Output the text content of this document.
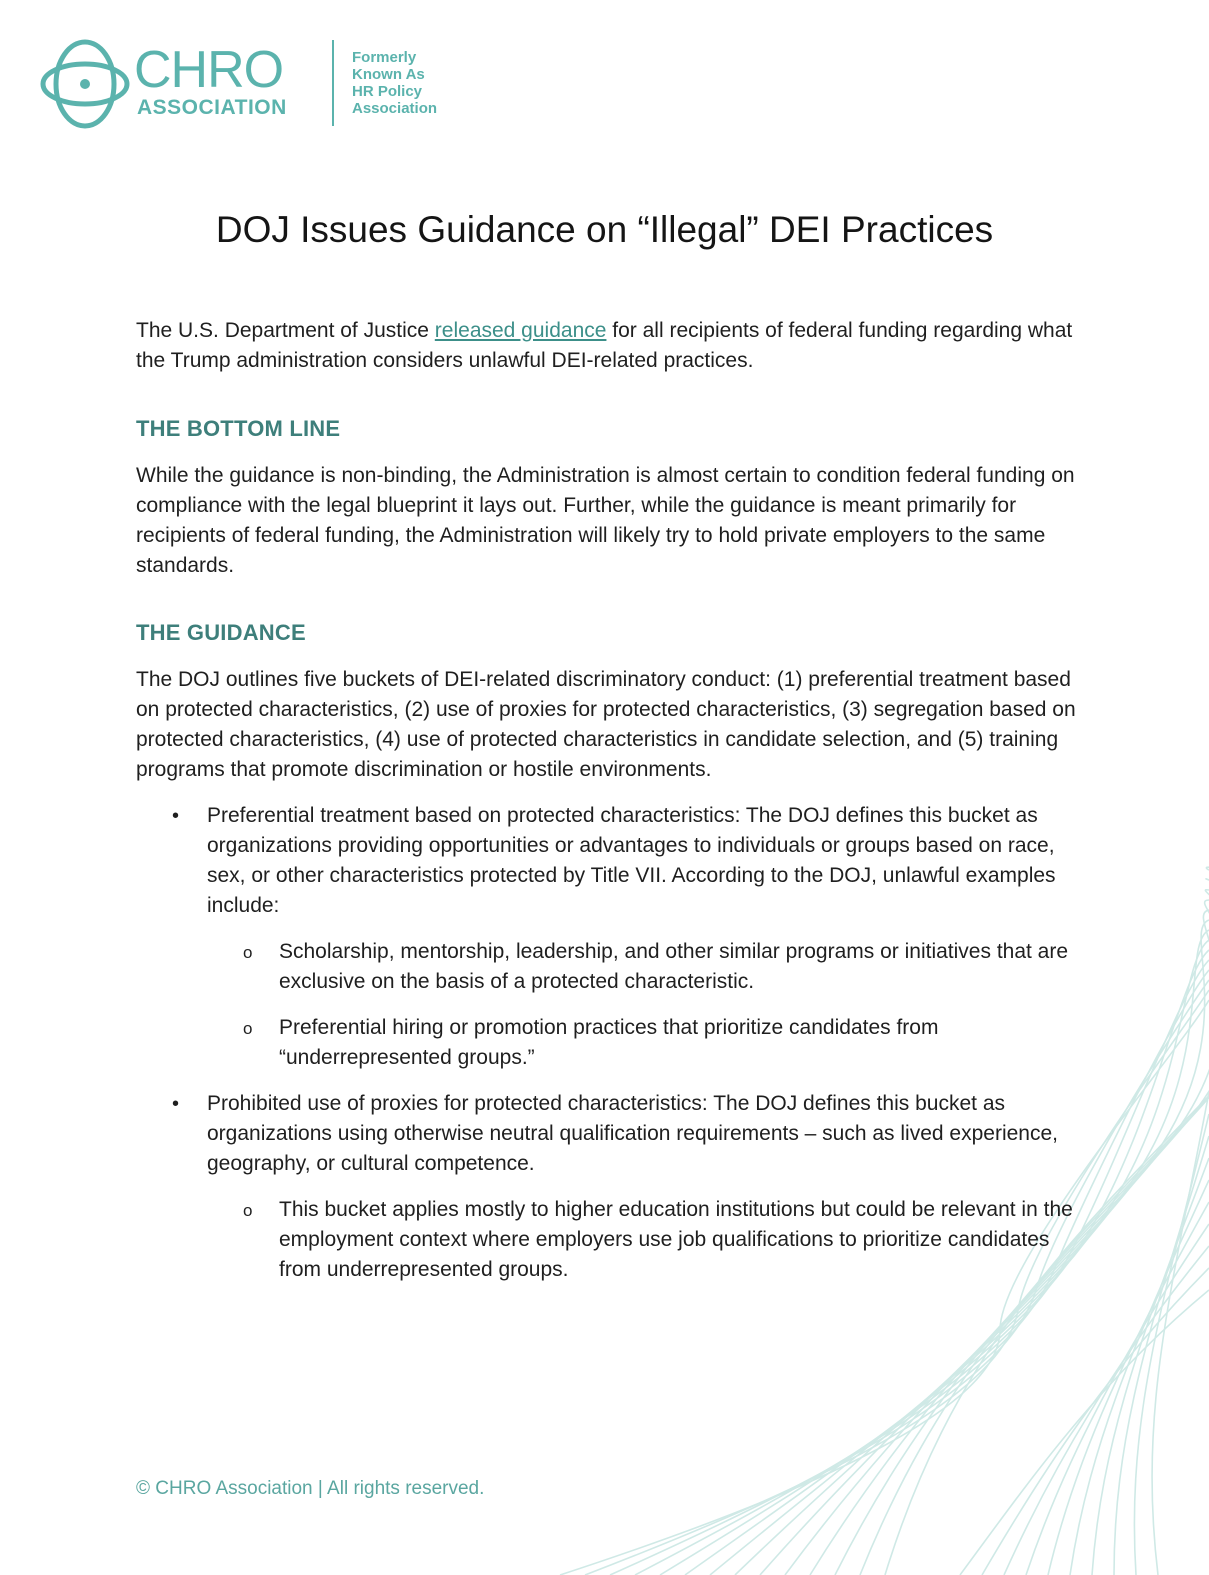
CHRO
ASSOCIATION
Formerly
Known As
HR Policy
Association
DOJ Issues Guidance on “Illegal” DEI Practices

The U.S. Department of Justice released guidance for all recipients of federal funding regarding what the Trump administration considers unlawful DEI-related practices.

THE BOTTOM LINE

While the guidance is non-binding, the Administration is almost certain to condition federal funding on compliance with the legal blueprint it lays out. Further, while the guidance is meant primarily for recipients of federal funding, the Administration will likely try to hold private employers to the same standards.

THE GUIDANCE

The DOJ outlines five buckets of DEI-related discriminatory conduct: (1) preferential treatment based on protected characteristics, (2) use of proxies for protected characteristics, (3) segregation based on protected characteristics, (4) use of protected characteristics in candidate selection, and (5) training programs that promote discrimination or hostile environments.

• Preferential treatment based on protected characteristics: The DOJ defines this bucket as organizations providing opportunities or advantages to individuals or groups based on race, sex, or other characteristics protected by Title VII. According to the DOJ, unlawful examples include:
o Scholarship, mentorship, leadership, and other similar programs or initiatives that are exclusive on the basis of a protected characteristic.
o Preferential hiring or promotion practices that prioritize candidates from “underrepresented groups.”
• Prohibited use of proxies for protected characteristics: The DOJ defines this bucket as organizations using otherwise neutral qualification requirements – such as lived experience, geography, or cultural competence.
o This bucket applies mostly to higher education institutions but could be relevant in the employment context where employers use job qualifications to prioritize candidates from underrepresented groups.
© CHRO Association | All rights reserved.
